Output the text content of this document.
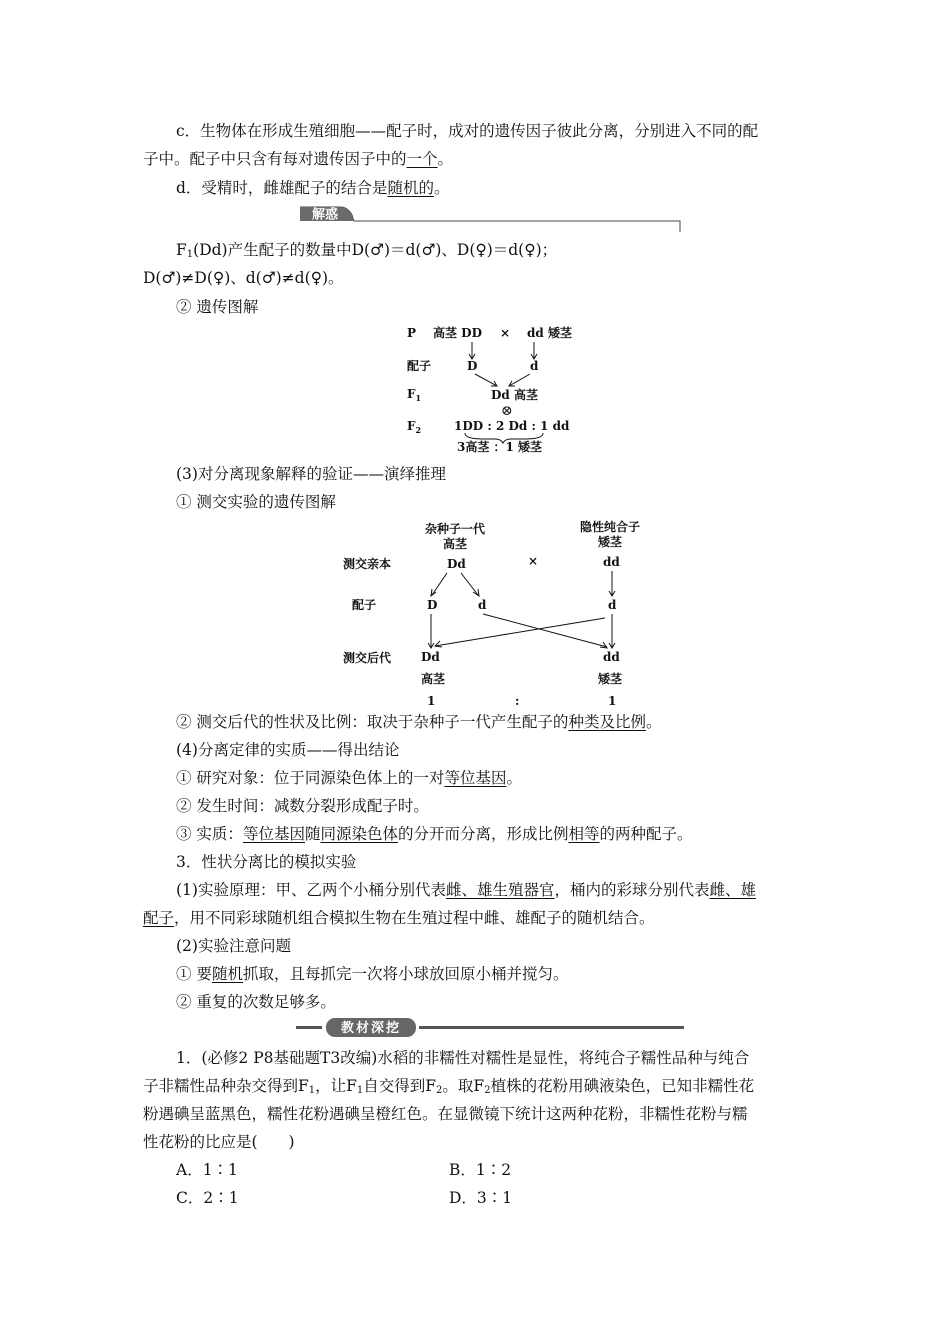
c．生物体在形成生殖细胞——配子时，成对的遗传因子彼此分离，分别进入不同的配
子中。配子中只含有每对遗传因子中的一个。
d．受精时，雌雄配子的结合是随机的。
解惑
$F_1(Dd)$产生配子的数量中D(♂)＝d(♂)、D(♀)＝d(♀)；
D(♂)≠D(♀)、d(♂)≠d(♀)。
② 遗传图解
P 高茎 DD × dd 矮茎
配子	D	d
$F_1$	Dd 高茎
⊗
$F_2$	1DD : 2 Dd : 1 dd
3高茎 ：1 矮茎
(3)对分离现象解释的验证——演绎推理
① 测交实验的遗传图解
杂种子一代
高茎
隐性纯合子
矮茎
测交亲本	Dd	×	dd
配子	D	d	d
测交后代 Dd	dd
高茎	矮茎
1	:	1
② 测交后代的性状及比例：取决于杂种子一代产生配子的种类及比例。
(4)分离定律的实质——得出结论
① 研究对象：位于同源染色体上的一对等位基因。
② 发生时间：减数分裂形成配子时。
③ 实质：等位基因随同源染色体的分开而分离，形成比例相等的两种配子。
3．性状分离比的模拟实验
(1)实验原理：甲、乙两个小桶分别代表雌、雄生殖器官，桶内的彩球分别代表雌、雄
配子，用不同彩球随机组合模拟生物在生殖过程中雌、雄配子的随机结合。
(2)实验注意问题
① 要随机抓取，且每抓完一次将小球放回原小桶并搅匀。
② 重复的次数足够多。
教材深挖
1．(必修2 P8基础题T3改编)水稻的非糯性对糯性是显性，将纯合子糯性品种与纯合
子非糯性品种杂交得到$F_1$，让$F_1$自交得到$F_2$。取$F_2$植株的花粉用碘液染色，已知非糯性花
粉遇碘呈蓝黑色，糯性花粉遇碘呈橙红色。在显微镜下统计这两种花粉，非糯性花粉与糯
性花粉的比应是(　　)
A．1∶1	B．1∶2
C．2∶1	D．3∶1
